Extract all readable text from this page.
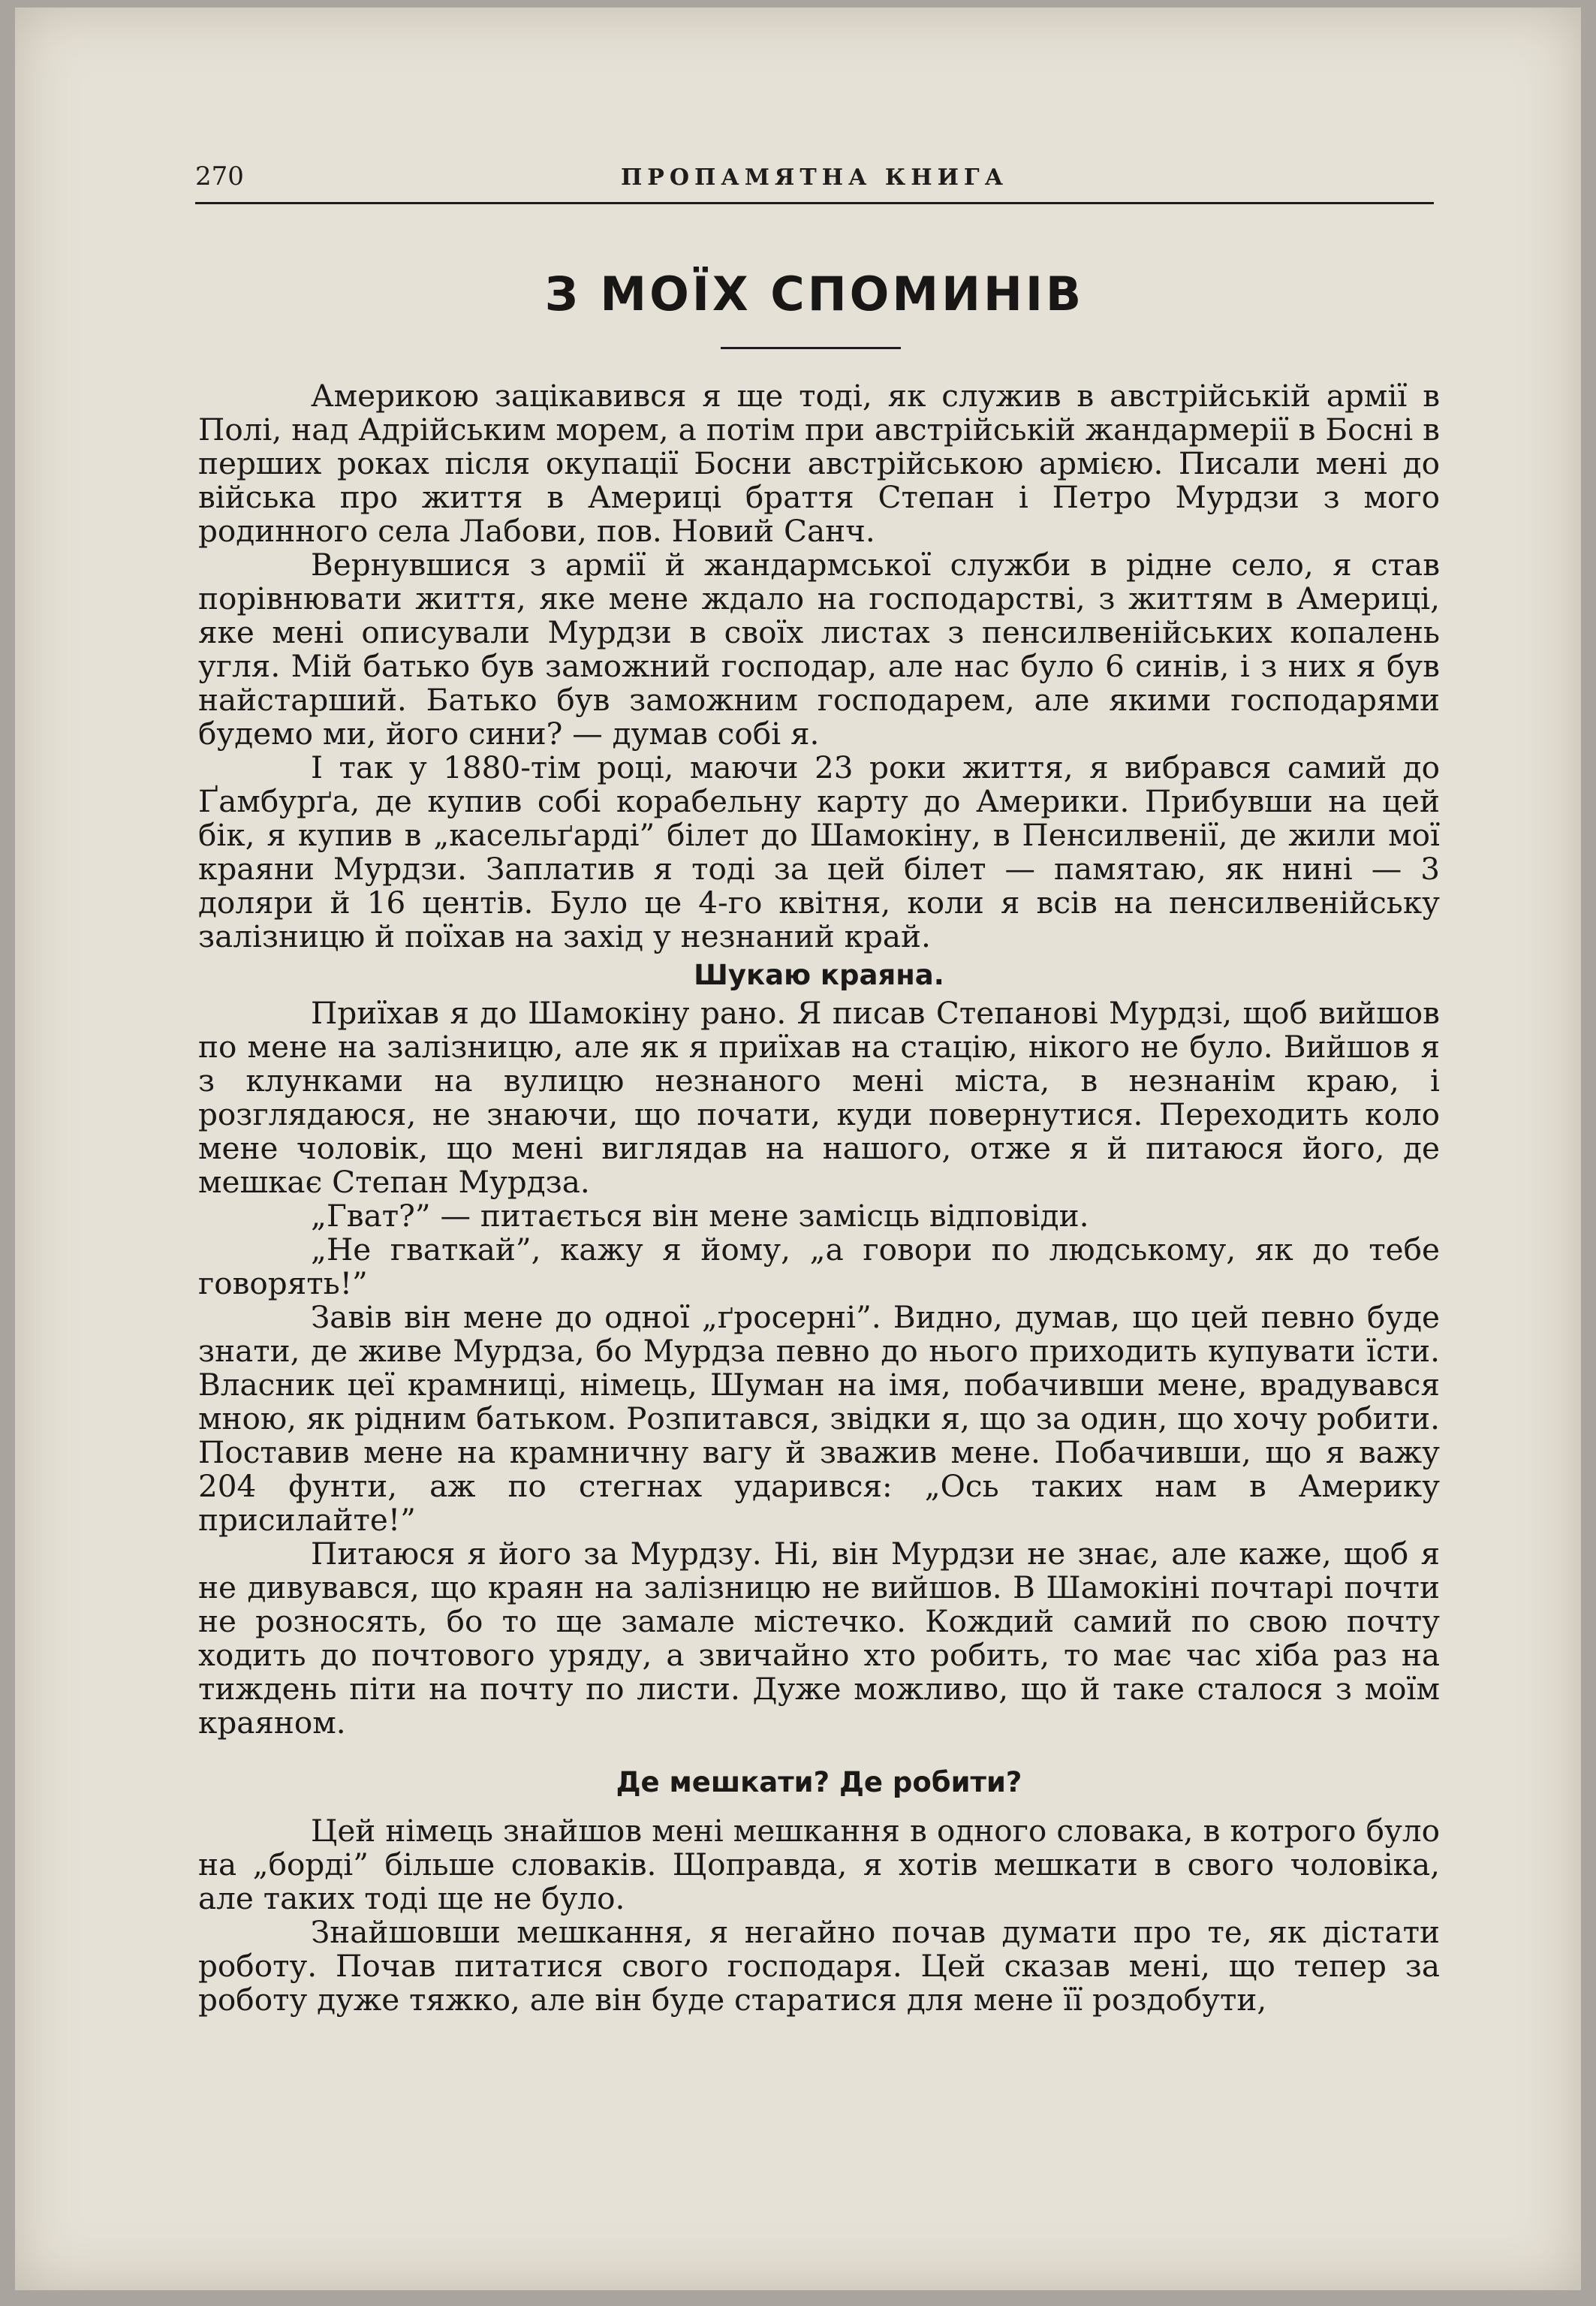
270	ПРОПАМЯТНА КНИГА
З МОЇХ СПОМИНІВ

Америкою зацікавився я ще тоді, як служив в австрійській армії в Полі, над Адрійським морем, а потім при австрійській жандармерії в Босні в перших роках після окупації Босни австрійською армією. Писали мені до війська про життя в Америці браття Степан і Петро Мурдзи з мого родинного села Лабови, пов. Новий Санч.

Вернувшися з армії й жандармської служби в рідне село, я став порівнювати життя, яке мене ждало на господарстві, з життям в Америці, яке мені описували Мурдзи в своїх листах з пенсилвенійських копалень угля. Мій батько був заможний господар, але нас було 6 синів, і з них я був найстарший. Батько був заможним господарем, але якими господарями будемо ми, його сини? — думав собі я.

І так у 1880-тім році, маючи 23 роки життя, я вибрався самий до Ґамбурґа, де купив собі корабельну карту до Америки. Прибувши на цей бік, я купив в „касельґарді” білет до Шамокіну, в Пенсилвенії, де жили мої краяни Мурдзи. Заплатив я тоді за цей білет — памятаю, як нині — 3 доляри й 16 центів. Було це 4-го квітня, коли я всів на пенсилвенійську залізницю й поїхав на захід у незнаний край.

Шукаю краяна.

Приїхав я до Шамокіну рано. Я писав Степанові Мурдзі, щоб вийшов по мене на залізницю, але як я приїхав на стацію, нікого не було. Вийшов я з клунками на вулицю незнаного мені міста, в незнанім краю, і розглядаюся, не знаючи, що почати, куди повернутися. Переходить коло мене чоловік, що мені виглядав на нашого, отже я й питаюся його, де мешкає Степан Мурдза.

„Гват?” — питається він мене замісць відповіди.

„Не гваткай”, кажу я йому, „а говори по людському, як до тебе говорять!”

Завів він мене до одної „ґросерні”. Видно, думав, що цей певно буде знати, де живе Мурдза, бо Мурдза певно до нього приходить купувати їсти. Власник цеї крамниці, німець, Шуман на імя, побачивши мене, врадувався мною, як рідним батьком. Розпитався, звідки я, що за один, що хочу робити. Поставив мене на крамничну вагу й зважив мене. Побачивши, що я важу 204 фунти, аж по стегнах ударився: „Ось таких нам в Америку присилайте!”

Питаюся я його за Мурдзу. Ні, він Мурдзи не знає, але каже, щоб я не дивувався, що краян на залізницю не вийшов. В Шамокіні почтарі почти не розносять, бо то ще замале містечко. Кождий самий по свою почту ходить до почтового уряду, а звичайно хто робить, то має час хіба раз на тиждень піти на почту по листи. Дуже можливо, що й таке сталося з моїм краяном.

Де мешкати? Де робити?

Цей німець знайшов мені мешкання в одного словака, в котрого було на „борді” більше словаків. Щоправда, я хотів мешкати в свого чоловіка, але таких тоді ще не було.

Знайшовши мешкання, я негайно почав думати про те, як дістати роботу. Почав питатися свого господаря. Цей сказав мені, що тепер за роботу дуже тяжко, але він буде старатися для мене її роздобути,
